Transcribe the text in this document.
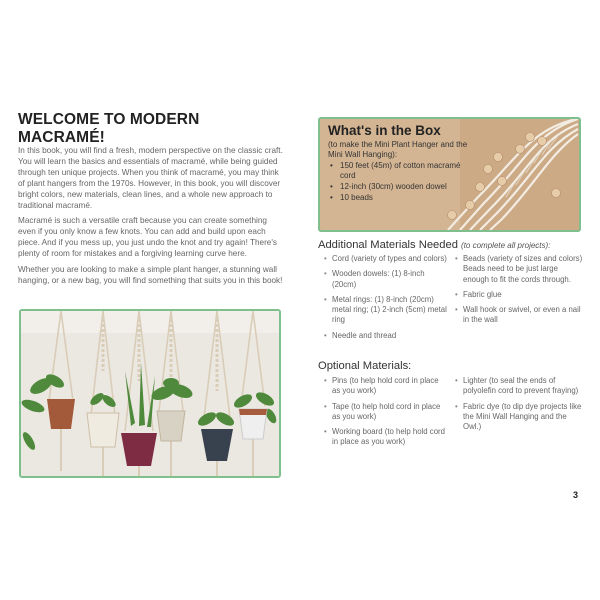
WELCOME TO MODERN MACRAMÉ!

In this book, you will find a fresh, modern perspective on the classic craft. You will learn the basics and essentials of macramé, while being guided through ten unique projects. When you think of macramé, you may think of plant hangers from the 1970s. However, in this book, you will discover bright colors, new materials, clean lines, and a whole new approach to traditional macramé.

Macramé is such a versatile craft because you can create something even if you only know a few knots. You can add and build upon each piece. And if you mess up, you just undo the knot and try again! There's plenty of room for mistakes and a forgiving learning curve here.

Whether you are looking to make a simple plant hanger, a stunning wall hanging, or a new bag, you will find something that suits you in this book!

What's in the Box
(to make the Mini Plant Hanger and the Mini Wall Hanging):
• 150 feet (45m) of cotton macramé cord
• 12-inch (30cm) wooden dowel
• 10 beads
Additional Materials Needed (to complete all projects):
• Cord (variety of types and colors)
• Wooden dowels: (1) 8-inch (20cm)
• Metal rings: (1) 8-inch (20cm) metal ring; (1) 2-inch (5cm) metal ring
• Needle and thread
• Beads (variety of sizes and colors) Beads need to be just large enough to fit the cords through.
• Fabric glue
• Wall hook or swivel, or even a nail in the wall
Optional Materials:
• Pins (to help hold cord in place as you work)
• Tape (to help hold cord in place as you work)
• Working board (to help hold cord in place as you work)
• Lighter (to seal the ends of polyolefin cord to prevent fraying)
• Fabric dye (to dip dye projects like the Mini Wall Hanging and the Owl.)
3
